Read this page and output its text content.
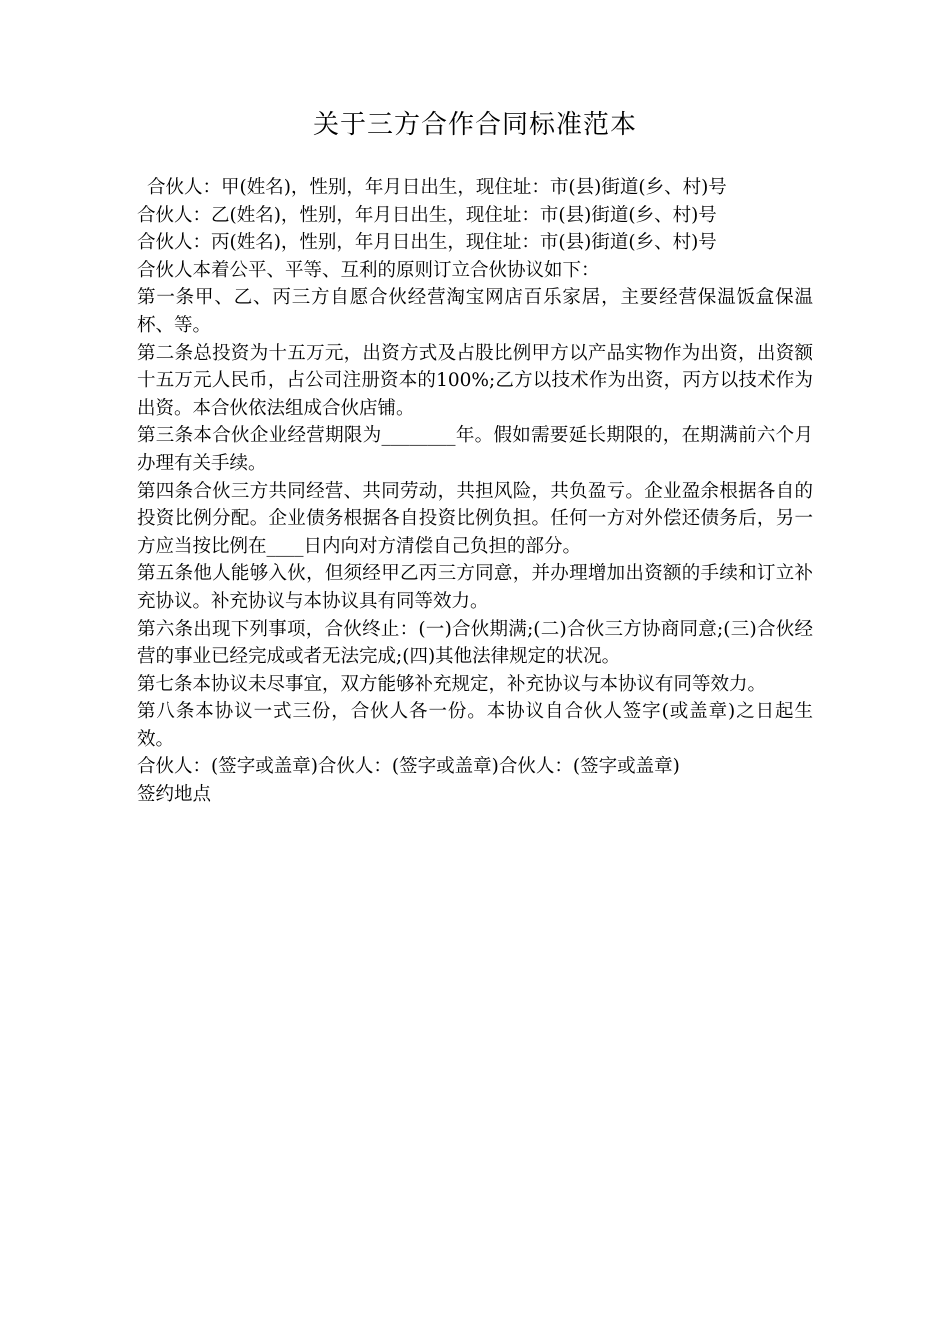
关于三方合作合同标准范本

合伙人：甲(姓名)，性别，年月日出生，现住址：市(县)街道(乡、村)号

合伙人：乙(姓名)，性别，年月日出生，现住址：市(县)街道(乡、村)号

合伙人：丙(姓名)，性别，年月日出生，现住址：市(县)街道(乡、村)号

合伙人本着公平、平等、互利的原则订立合伙协议如下：

第一条甲、乙、丙三方自愿合伙经营淘宝网店百乐家居，主要经营保温饭盒保温杯、等。

第二条总投资为十五万元，出资方式及占股比例甲方以产品实物作为出资，出资额十五万元人民币，占公司注册资本的100%;乙方以技术作为出资，丙方以技术作为出资。本合伙依法组成合伙店铺。

第三条本合伙企业经营期限为________年。假如需要延长期限的，在期满前六个月办理有关手续。

第四条合伙三方共同经营、共同劳动，共担风险，共负盈亏。企业盈余根据各自的投资比例分配。企业债务根据各自投资比例负担。任何一方对外偿还债务后，另一方应当按比例在____日内向对方清偿自己负担的部分。

第五条他人能够入伙，但须经甲乙丙三方同意，并办理增加出资额的手续和订立补充协议。补充协议与本协议具有同等效力。

第六条出现下列事项，合伙终止：(一)合伙期满;(二)合伙三方协商同意;(三)合伙经营的事业已经完成或者无法完成;(四)其他法律规定的状况。

第七条本协议未尽事宜，双方能够补充规定，补充协议与本协议有同等效力。

第八条本协议一式三份，合伙人各一份。本协议自合伙人签字(或盖章)之日起生效。

合伙人：(签字或盖章)合伙人：(签字或盖章)合伙人：(签字或盖章)

签约地点
